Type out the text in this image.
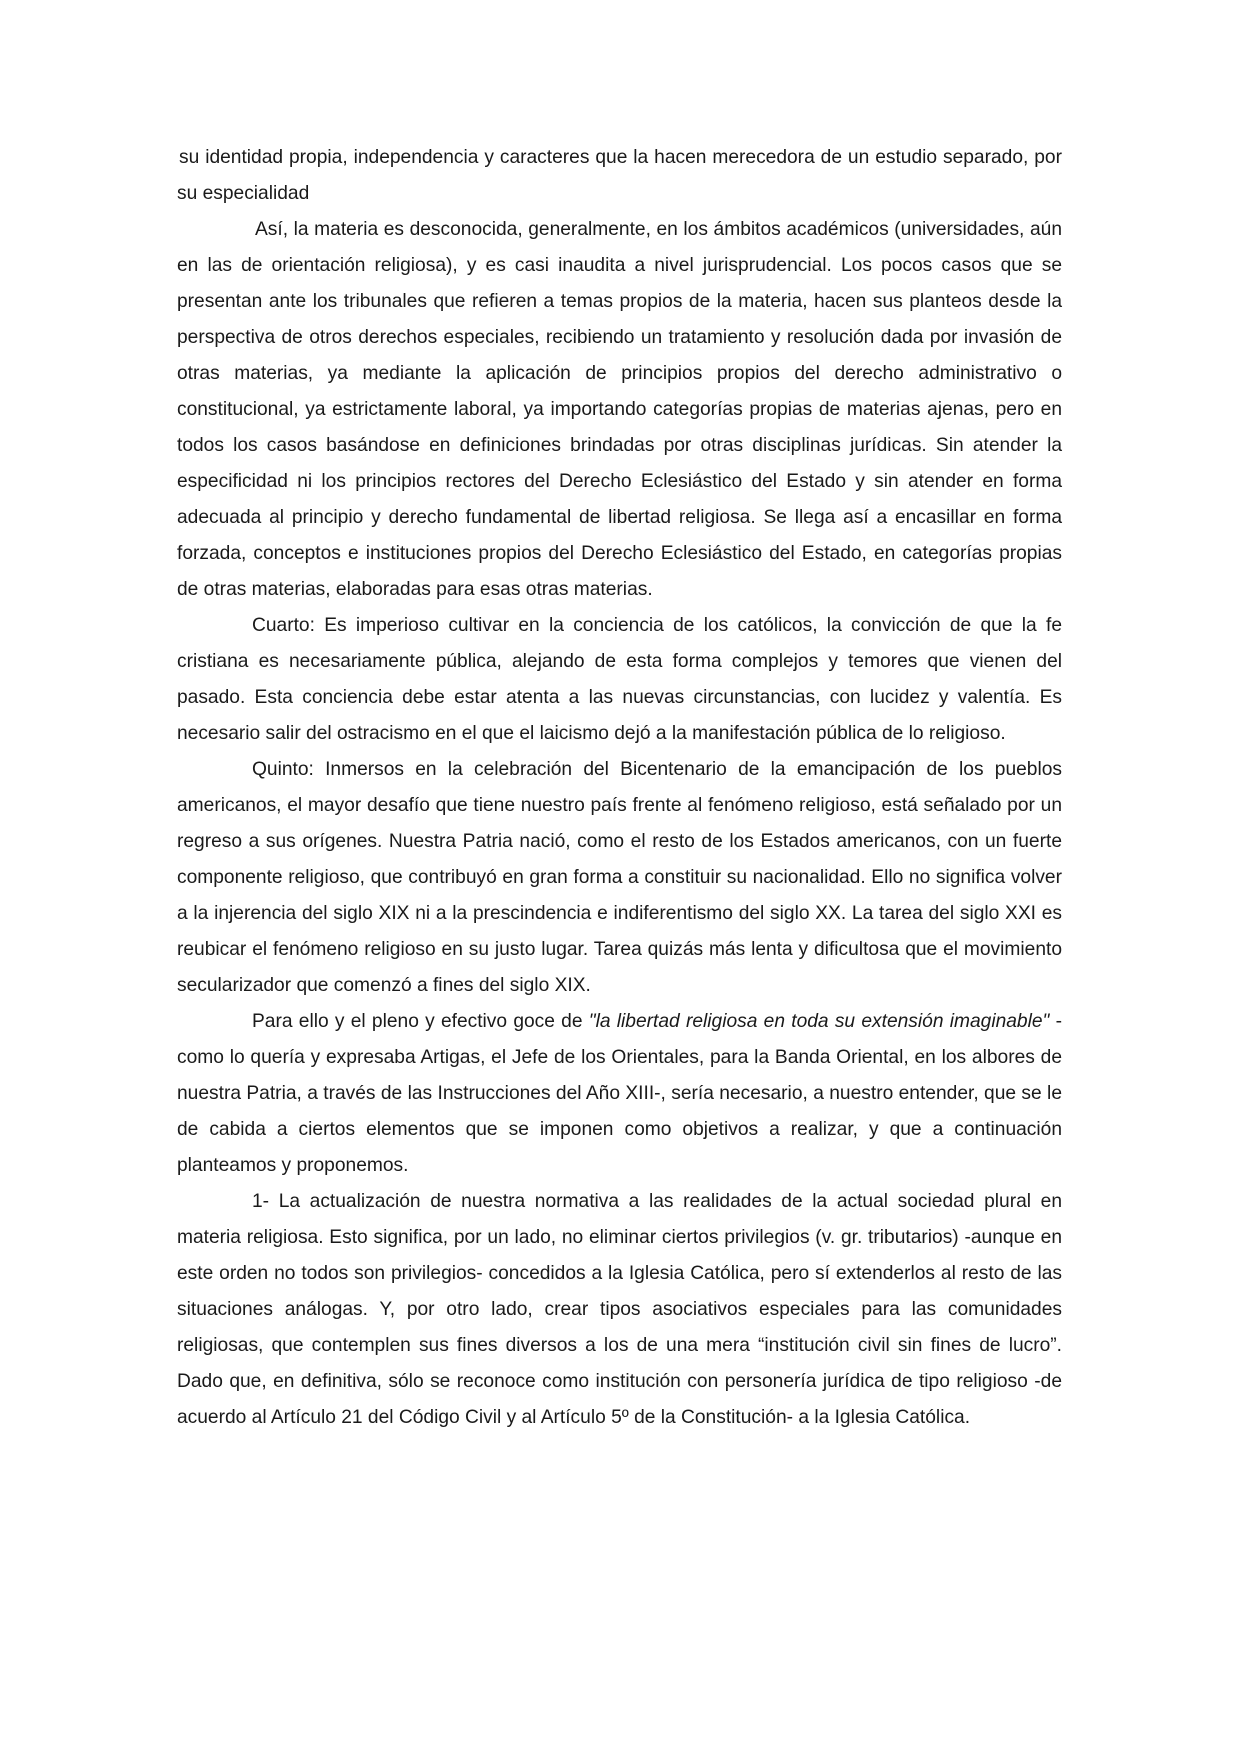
su identidad propia, independencia y caracteres que la hacen merecedora de un estudio separado, por su especialidad

Así, la materia es desconocida, generalmente, en los ámbitos académicos (universidades, aún en las de orientación religiosa), y es casi inaudita a nivel jurisprudencial. Los pocos casos que se presentan ante los tribunales que refieren a temas propios de la materia, hacen sus planteos desde la perspectiva de otros derechos especiales, recibiendo un tratamiento y resolución dada por invasión de otras materias, ya mediante la aplicación de principios propios del derecho administrativo o constitucional, ya estrictamente laboral, ya importando categorías propias de materias ajenas, pero en todos los casos basándose en definiciones brindadas por otras disciplinas jurídicas. Sin atender la especificidad ni los principios rectores del Derecho Eclesiástico del Estado y sin atender en forma adecuada al principio y derecho fundamental de libertad religiosa. Se llega así a encasillar en forma forzada, conceptos e instituciones propios del Derecho Eclesiástico del Estado, en categorías propias de otras materias, elaboradas para esas otras materias.

Cuarto: Es imperioso cultivar en la conciencia de los católicos, la convicción de que la fe cristiana es necesariamente pública, alejando de esta forma complejos y temores que vienen del pasado. Esta conciencia debe estar atenta a las nuevas circunstancias, con lucidez y valentía. Es necesario salir del ostracismo en el que el laicismo dejó a la manifestación pública de lo religioso.

Quinto: Inmersos en la celebración del Bicentenario de la emancipación de los pueblos americanos, el mayor desafío que tiene nuestro país frente al fenómeno religioso, está señalado por un regreso a sus orígenes. Nuestra Patria nació, como el resto de los Estados americanos, con un fuerte componente religioso, que contribuyó en gran forma a constituir su nacionalidad. Ello no significa volver a la injerencia del siglo XIX ni a la prescindencia e indiferentismo del siglo XX. La tarea del siglo XXI es reubicar el fenómeno religioso en su justo lugar. Tarea quizás más lenta y dificultosa que el movimiento secularizador que comenzó a fines del siglo XIX.

Para ello y el pleno y efectivo goce de "la libertad religiosa en toda su extensión imaginable" -como lo quería y expresaba Artigas, el Jefe de los Orientales, para la Banda Oriental, en los albores de nuestra Patria, a través de las Instrucciones del Año XIII-, sería necesario, a nuestro entender, que se le de cabida a ciertos elementos que se imponen como objetivos a realizar, y que a continuación planteamos y proponemos.

1- La actualización de nuestra normativa a las realidades de la actual sociedad plural en materia religiosa. Esto significa, por un lado, no eliminar ciertos privilegios (v. gr. tributarios) -aunque en este orden no todos son privilegios- concedidos a la Iglesia Católica, pero sí extenderlos al resto de las situaciones análogas. Y, por otro lado, crear tipos asociativos especiales para las comunidades religiosas, que contemplen sus fines diversos a los de una mera “institución civil sin fines de lucro”. Dado que, en definitiva, sólo se reconoce como institución con personería jurídica de tipo religioso -de acuerdo al Artículo 21 del Código Civil y al Artículo 5º de la Constitución- a la Iglesia Católica.
